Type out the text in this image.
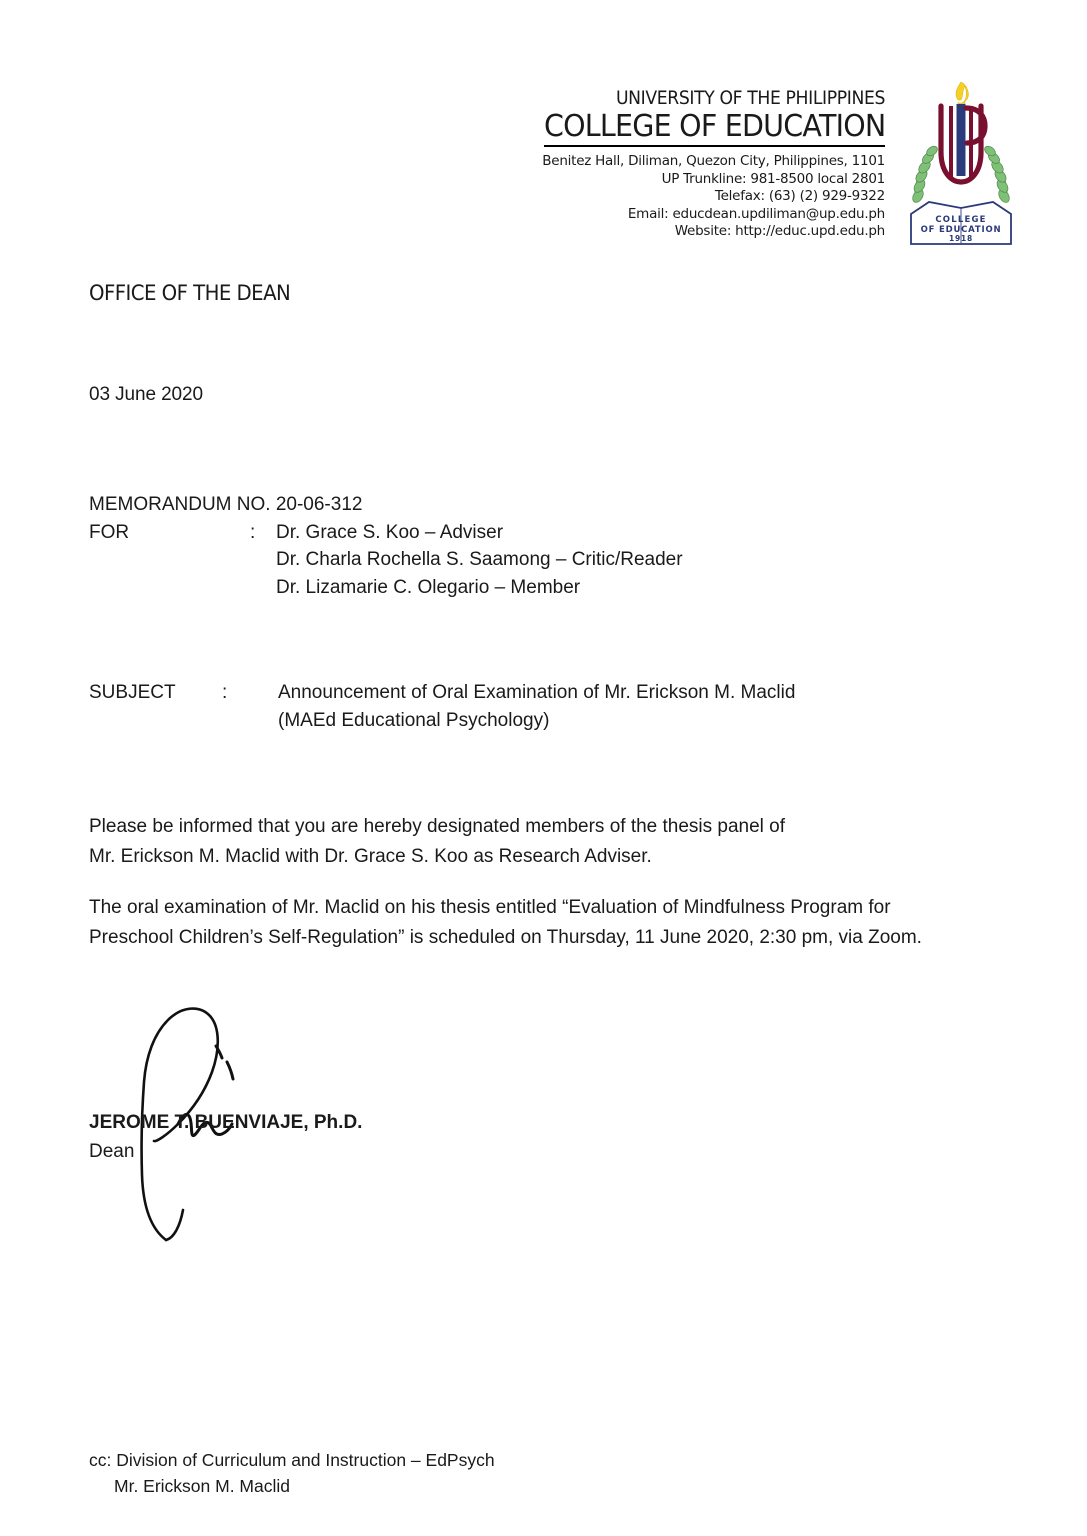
UNIVERSITY OF THE PHILIPPINES
COLLEGE OF EDUCATION
Benitez Hall, Diliman, Quezon City, Philippines, 1101
UP Trunkline: 981-8500 local 2801
Telefax: (63) (2) 929-9322
Email: educdean.updiliman@up.edu.ph
Website: http://educ.upd.edu.ph
COLLEGE
OF EDUCATION
1918
OFFICE OF THE DEAN
03 June 2020
MEMORANDUM NO. 20-06-312
FOR	:	Dr. Grace S. Koo – Adviser
Dr. Charla Rochella S. Saamong – Critic/Reader
Dr. Lizamarie C. Olegario – Member
SUBJECT	:	Announcement of Oral Examination of Mr. Erickson M. Maclid
(MAEd Educational Psychology)
Please be informed that you are hereby designated members of the thesis panel of
Mr. Erickson M. Maclid with Dr. Grace S. Koo as Research Adviser.
The oral examination of Mr. Maclid on his thesis entitled “Evaluation of Mindfulness Program for
Preschool Children’s Self-Regulation” is scheduled on Thursday, 11 June 2020, 2:30 pm, via Zoom.
JEROME T. BUENVIAJE, Ph.D.
Dean
cc: Division of Curriculum and Instruction – EdPsych
Mr. Erickson M. Maclid
